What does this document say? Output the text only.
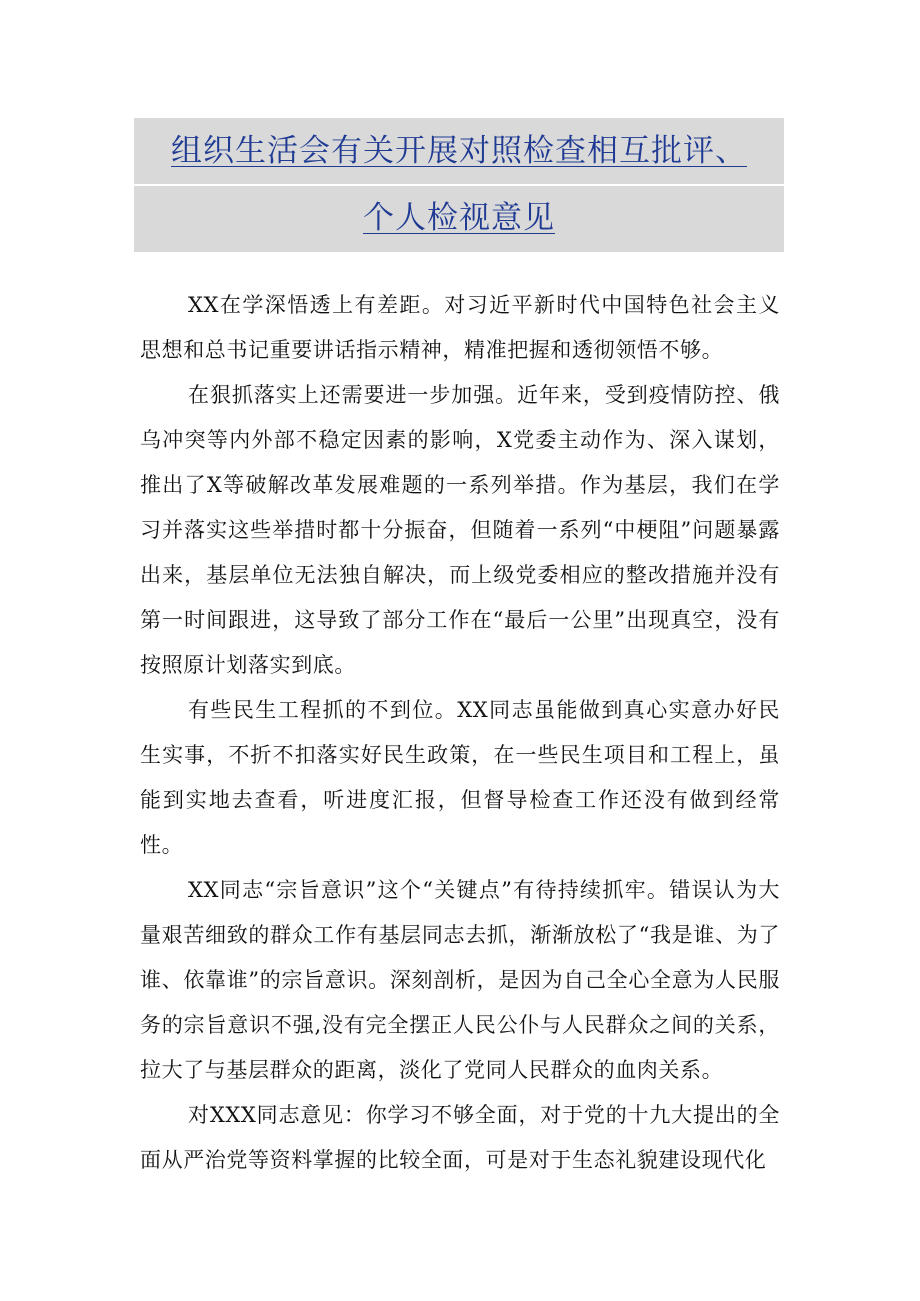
组织生活会有关开展对照检查相互批评、
个人检视意见

XX在学深悟透上有差距。对习近平新时代中国特色社会主义思想和总书记重要讲话指示精神，精准把握和透彻领悟不够。

在狠抓落实上还需要进一步加强。近年来，受到疫情防控、俄乌冲突等内外部不稳定因素的影响，X党委主动作为、深入谋划，推出了X等破解改革发展难题的一系列举措。作为基层，我们在学习并落实这些举措时都十分振奋，但随着一系列“中梗阻”问题暴露出来，基层单位无法独自解决，而上级党委相应的整改措施并没有第一时间跟进，这导致了部分工作在“最后一公里”出现真空，没有按照原计划落实到底。

有些民生工程抓的不到位。XX同志虽能做到真心实意办好民生实事，不折不扣落实好民生政策，在一些民生项目和工程上，虽能到实地去查看，听进度汇报，但督导检查工作还没有做到经常性。

XX同志“宗旨意识”这个“关键点”有待持续抓牢。错误认为大量艰苦细致的群众工作有基层同志去抓，渐渐放松了“我是谁、为了谁、依靠谁”的宗旨意识。深刻剖析，是因为自己全心全意为人民服务的宗旨意识不强,没有完全摆正人民公仆与人民群众之间的关系，拉大了与基层群众的距离，淡化了党同人民群众的血肉关系。

对XXX同志意见：你学习不够全面，对于党的十九大提出的全面从严治党等资料掌握的比较全面，可是对于生态礼貌建设现代化
